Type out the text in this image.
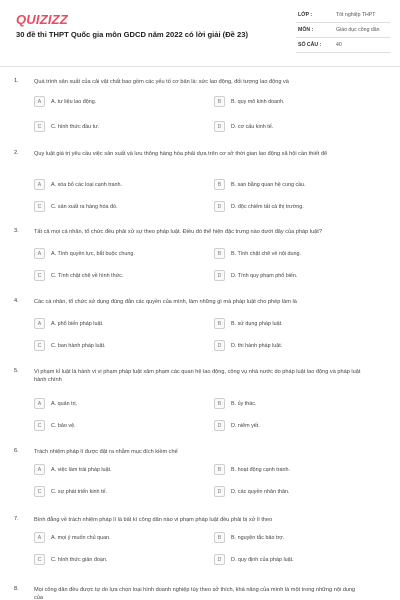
QUIZIZZ
30 đề thi THPT Quốc gia môn GDCD năm 2022 có lời giải (Đề 23)
LỚP :	Tốt nghiệp THPT
MÔN :	Giáo dục công dân
SỐ CÂU :	40
1.	Quá trình sản xuất của cải vật chất bao gồm các yếu tố cơ bản là: sức lao động, đối tượng lao động và
A	A. tư liệu lao động.	B	B. quy mô kinh doanh.
C	C. hình thức đầu tư.	D	D. cơ cấu kinh tế.
2.	Quy luật giá trị yêu cầu việc sản xuất và lưu thông hàng hóa phải dựa trên cơ sở thời gian lao động xã hội cần thiết để
A	A. xóa bỏ các loại cạnh tranh.	B	B. san bằng quan hệ cung cầu.
C	C. sản xuất ra hàng hóa đó.	D	D. độc chiếm tất cả thị trường.
3.	Tất cả mọi cá nhân, tổ chức đều phải xử sự theo pháp luật. Điều đó thể hiện đặc trưng nào dưới đây của pháp luật?
A	A. Tính quyền lực, bắt buộc chung.	B	B. Tính chặt chẽ về nội dung.
C	C. Tính chặt chẽ về hình thức.	D	D. Tính quy phạm phổ biến.
4.	Các cá nhân, tổ chức sử dụng đúng đắn các quyền của mình, làm những gì mà pháp luật cho phép làm là
A	A. phổ biến pháp luật.	B	B. sử dụng pháp luật.
C	C. ban hành pháp luật.	D	D. thi hành pháp luật.
5.	Vi phạm kỉ luật là hành vi vi phạm pháp luật xâm phạm các quan hệ lao động, công vụ nhà nước do pháp luật lao động và pháp luật hành chính
A	A. quản trị.	B	B. ủy thác.
C	C. bảo vệ.	D	D. niêm yết.
6.	Trách nhiệm pháp lí được đặt ra nhằm mục đích kiềm chế
A	A. việc làm trái pháp luật.	B	B. hoạt động cạnh tranh.
C	C. sự phát triển kinh tế.	D	D. các quyền nhân thân.
7.	Bình đẳng về trách nhiệm pháp lí là bất kì công dân nào vi phạm pháp luật đều phải bị xử lí theo
A	A. mọi ý muốn chủ quan.	B	B. nguyện tắc bảo trợ.
C	C. hình thức giản đoạn.	D	D. quy định của pháp luật.
8.	Mọi công dân đều được tự do lựa chọn loại hình doanh nghiệp tùy theo sở thích, khả năng của mình là một trong những nội dung của
